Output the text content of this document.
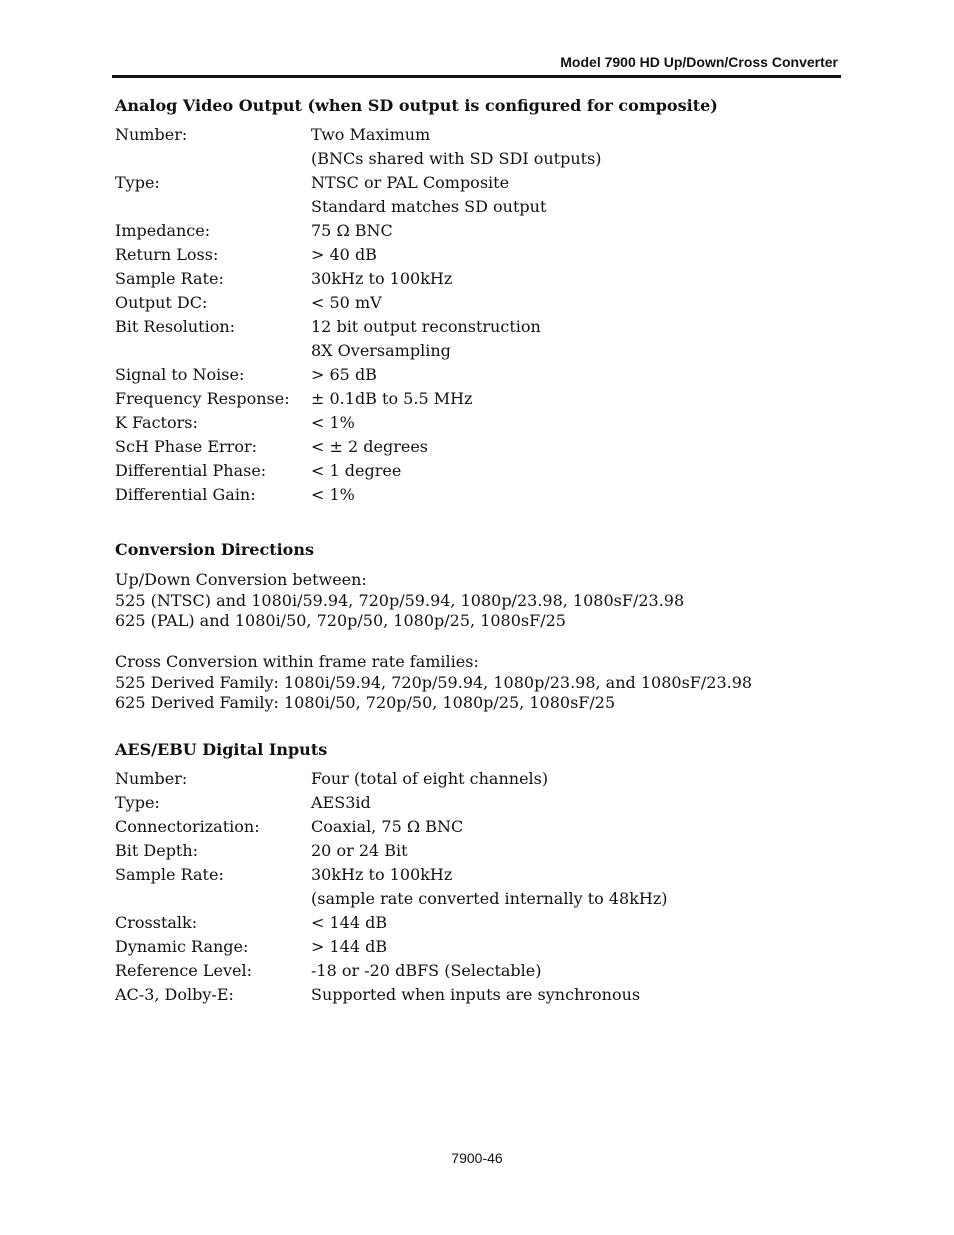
Model 7900 HD Up/Down/Cross Converter
Analog Video Output (when SD output is configured for composite)
Number:	Two Maximum
(BNCs shared with SD SDI outputs)
Type:	NTSC or PAL Composite
Standard matches SD output
Impedance:	75 Ω BNC
Return Loss:	> 40 dB
Sample Rate:	30kHz to 100kHz
Output DC:	< 50 mV
Bit Resolution:	12 bit output reconstruction
8X Oversampling
Signal to Noise:	> 65 dB
Frequency Response: ± 0.1dB to 5.5 MHz
K Factors:	< 1%
ScH Phase Error:	< ± 2 degrees
Differential Phase:	< 1 degree
Differential Gain:	< 1%
Conversion Directions
Up/Down Conversion between:
525 (NTSC) and 1080i/59.94, 720p/59.94, 1080p/23.98, 1080sF/23.98
625 (PAL) and 1080i/50, 720p/50, 1080p/25, 1080sF/25
Cross Conversion within frame rate families:
525 Derived Family: 1080i/59.94, 720p/59.94, 1080p/23.98, and 1080sF/23.98
625 Derived Family: 1080i/50, 720p/50, 1080p/25, 1080sF/25
AES/EBU Digital Inputs
Number:	Four (total of eight channels)
Type:	AES3id
Connectorization:	Coaxial, 75 Ω BNC
Bit Depth:	20 or 24 Bit
Sample Rate:	30kHz to 100kHz
(sample rate converted internally to 48kHz)
Crosstalk:	< 144 dB
Dynamic Range:	> 144 dB
Reference Level:	-18 or -20 dBFS (Selectable)
AC-3, Dolby-E:	Supported when inputs are synchronous
7900-46
